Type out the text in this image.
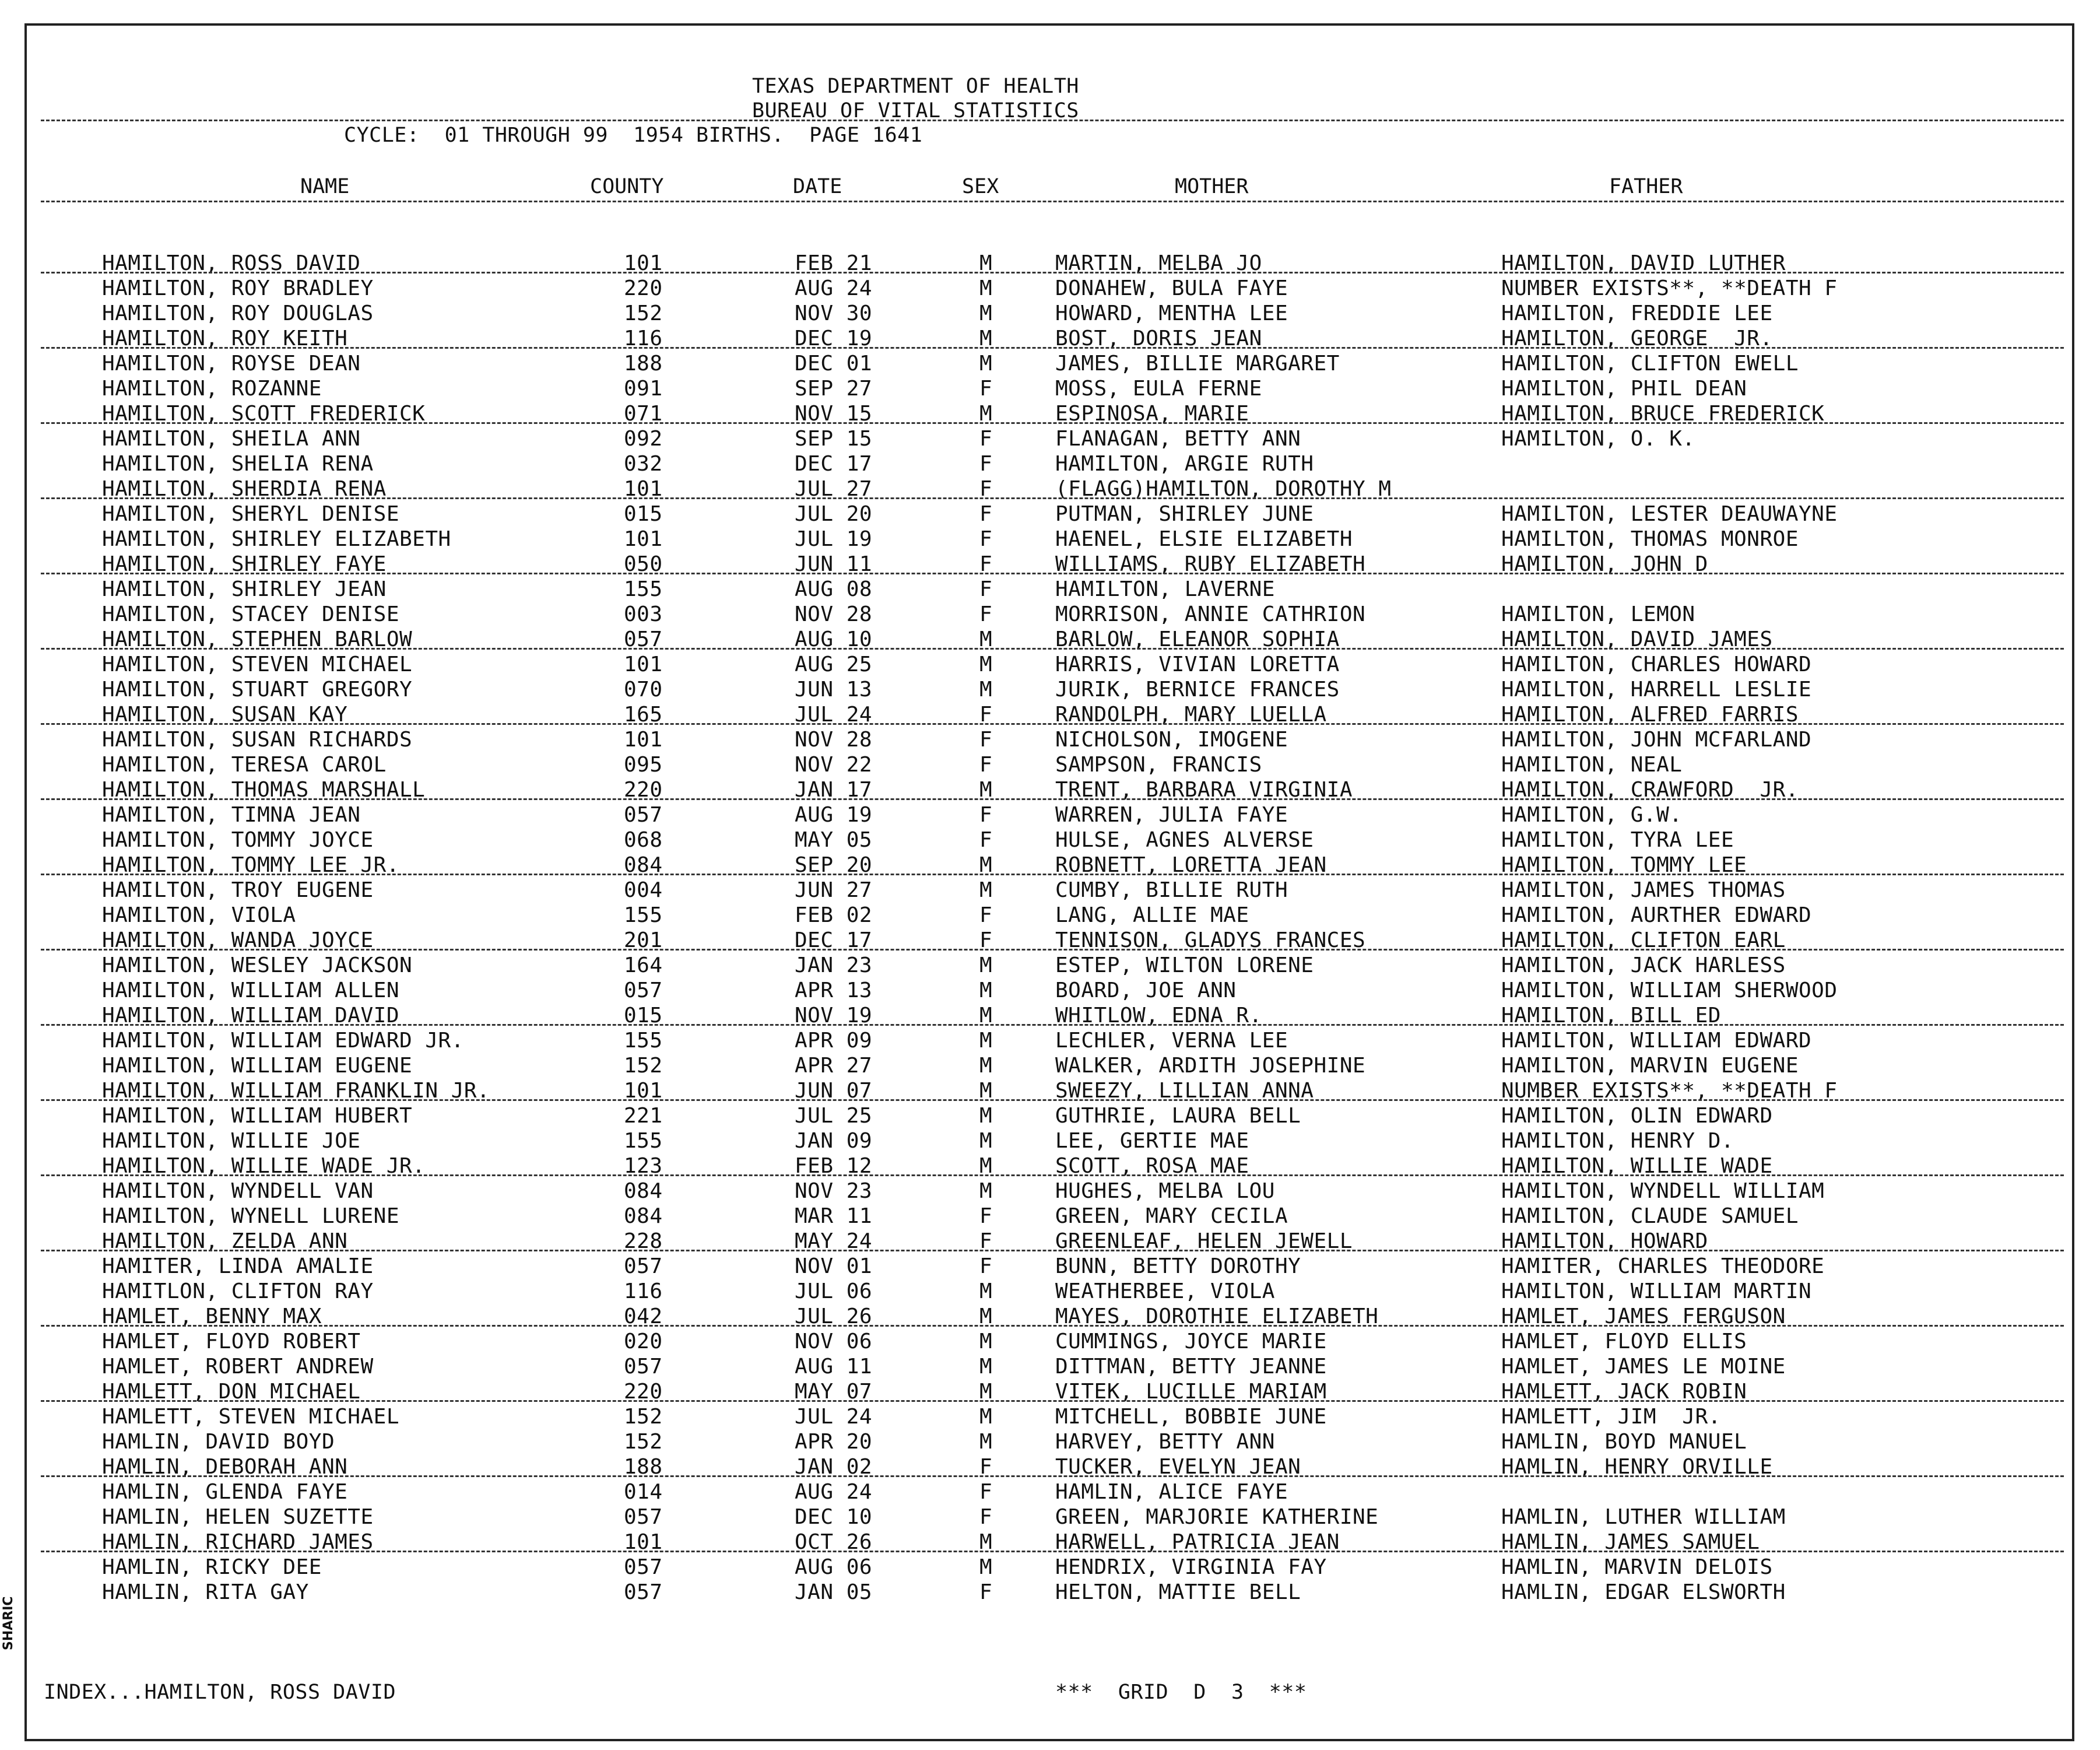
TEXAS DEPARTMENT OF HEALTH
BUREAU OF VITAL STATISTICS
CYCLE:  01 THROUGH 99  1954 BIRTHS.  PAGE 1641
NAME	COUNTY	DATE	SEX	MOTHER	FATHER
HAMILTON, ROSS DAVID	101	FEB 21	M	MARTIN, MELBA JO	HAMILTON, DAVID LUTHER
HAMILTON, ROY BRADLEY	220	AUG 24	M	DONAHEW, BULA FAYE	NUMBER EXISTS**, **DEATH F
HAMILTON, ROY DOUGLAS	152	NOV 30	M	HOWARD, MENTHA LEE	HAMILTON, FREDDIE LEE
HAMILTON, ROY KEITH	116	DEC 19	M	BOST, DORIS JEAN	HAMILTON, GEORGE  JR.
HAMILTON, ROYSE DEAN	188	DEC 01	M	JAMES, BILLIE MARGARET	HAMILTON, CLIFTON EWELL
HAMILTON, ROZANNE	091	SEP 27	F	MOSS, EULA FERNE	HAMILTON, PHIL DEAN
HAMILTON, SCOTT FREDERICK	071	NOV 15	M	ESPINOSA, MARIE	HAMILTON, BRUCE FREDERICK
HAMILTON, SHEILA ANN	092	SEP 15	F	FLANAGAN, BETTY ANN	HAMILTON, O. K.
HAMILTON, SHELIA RENA	032	DEC 17	F	HAMILTON, ARGIE RUTH
HAMILTON, SHERDIA RENA	101	JUL 27	F	(FLAGG)HAMILTON, DOROTHY M
HAMILTON, SHERYL DENISE	015	JUL 20	F	PUTMAN, SHIRLEY JUNE	HAMILTON, LESTER DEAUWAYNE
HAMILTON, SHIRLEY ELIZABETH	101	JUL 19	F	HAENEL, ELSIE ELIZABETH	HAMILTON, THOMAS MONROE
HAMILTON, SHIRLEY FAYE	050	JUN 11	F	WILLIAMS, RUBY ELIZABETH	HAMILTON, JOHN D
HAMILTON, SHIRLEY JEAN	155	AUG 08	F	HAMILTON, LAVERNE
HAMILTON, STACEY DENISE	003	NOV 28	F	MORRISON, ANNIE CATHRION	HAMILTON, LEMON
HAMILTON, STEPHEN BARLOW	057	AUG 10	M	BARLOW, ELEANOR SOPHIA	HAMILTON, DAVID JAMES
HAMILTON, STEVEN MICHAEL	101	AUG 25	M	HARRIS, VIVIAN LORETTA	HAMILTON, CHARLES HOWARD
HAMILTON, STUART GREGORY	070	JUN 13	M	JURIK, BERNICE FRANCES	HAMILTON, HARRELL LESLIE
HAMILTON, SUSAN KAY	165	JUL 24	F	RANDOLPH, MARY LUELLA	HAMILTON, ALFRED FARRIS
HAMILTON, SUSAN RICHARDS	101	NOV 28	F	NICHOLSON, IMOGENE	HAMILTON, JOHN MCFARLAND
HAMILTON, TERESA CAROL	095	NOV 22	F	SAMPSON, FRANCIS	HAMILTON, NEAL
HAMILTON, THOMAS MARSHALL	220	JAN 17	M	TRENT, BARBARA VIRGINIA	HAMILTON, CRAWFORD  JR.
HAMILTON, TIMNA JEAN	057	AUG 19	F	WARREN, JULIA FAYE	HAMILTON, G.W.
HAMILTON, TOMMY JOYCE	068	MAY 05	F	HULSE, AGNES ALVERSE	HAMILTON, TYRA LEE
HAMILTON, TOMMY LEE JR.	084	SEP 20	M	ROBNETT, LORETTA JEAN	HAMILTON, TOMMY LEE
HAMILTON, TROY EUGENE	004	JUN 27	M	CUMBY, BILLIE RUTH	HAMILTON, JAMES THOMAS
HAMILTON, VIOLA	155	FEB 02	F	LANG, ALLIE MAE	HAMILTON, AURTHER EDWARD
HAMILTON, WANDA JOYCE	201	DEC 17	F	TENNISON, GLADYS FRANCES	HAMILTON, CLIFTON EARL
HAMILTON, WESLEY JACKSON	164	JAN 23	M	ESTEP, WILTON LORENE	HAMILTON, JACK HARLESS
HAMILTON, WILLIAM ALLEN	057	APR 13	M	BOARD, JOE ANN	HAMILTON, WILLIAM SHERWOOD
HAMILTON, WILLIAM DAVID	015	NOV 19	M	WHITLOW, EDNA R.	HAMILTON, BILL ED
HAMILTON, WILLIAM EDWARD JR.	155	APR 09	M	LECHLER, VERNA LEE	HAMILTON, WILLIAM EDWARD
HAMILTON, WILLIAM EUGENE	152	APR 27	M	WALKER, ARDITH JOSEPHINE	HAMILTON, MARVIN EUGENE
HAMILTON, WILLIAM FRANKLIN JR.	101	JUN 07	M	SWEEZY, LILLIAN ANNA	NUMBER EXISTS**, **DEATH F
HAMILTON, WILLIAM HUBERT	221	JUL 25	M	GUTHRIE, LAURA BELL	HAMILTON, OLIN EDWARD
HAMILTON, WILLIE JOE	155	JAN 09	M	LEE, GERTIE MAE	HAMILTON, HENRY D.
HAMILTON, WILLIE WADE JR.	123	FEB 12	M	SCOTT, ROSA MAE	HAMILTON, WILLIE WADE
HAMILTON, WYNDELL VAN	084	NOV 23	M	HUGHES, MELBA LOU	HAMILTON, WYNDELL WILLIAM
HAMILTON, WYNELL LURENE	084	MAR 11	F	GREEN, MARY CECILA	HAMILTON, CLAUDE SAMUEL
HAMILTON, ZELDA ANN	228	MAY 24	F	GREENLEAF, HELEN JEWELL	HAMILTON, HOWARD
HAMITER, LINDA AMALIE	057	NOV 01	F	BUNN, BETTY DOROTHY	HAMITER, CHARLES THEODORE
HAMITLON, CLIFTON RAY	116	JUL 06	M	WEATHERBEE, VIOLA	HAMILTON, WILLIAM MARTIN
HAMLET, BENNY MAX	042	JUL 26	M	MAYES, DOROTHIE ELIZABETH	HAMLET, JAMES FERGUSON
HAMLET, FLOYD ROBERT	020	NOV 06	M	CUMMINGS, JOYCE MARIE	HAMLET, FLOYD ELLIS
HAMLET, ROBERT ANDREW	057	AUG 11	M	DITTMAN, BETTY JEANNE	HAMLET, JAMES LE MOINE
HAMLETT, DON MICHAEL	220	MAY 07	M	VITEK, LUCILLE MARIAM	HAMLETT, JACK ROBIN
HAMLETT, STEVEN MICHAEL	152	JUL 24	M	MITCHELL, BOBBIE JUNE	HAMLETT, JIM  JR.
HAMLIN, DAVID BOYD	152	APR 20	M	HARVEY, BETTY ANN	HAMLIN, BOYD MANUEL
HAMLIN, DEBORAH ANN	188	JAN 02	F	TUCKER, EVELYN JEAN	HAMLIN, HENRY ORVILLE
HAMLIN, GLENDA FAYE	014	AUG 24	F	HAMLIN, ALICE FAYE
HAMLIN, HELEN SUZETTE	057	DEC 10	F	GREEN, MARJORIE KATHERINE	HAMLIN, LUTHER WILLIAM
HAMLIN, RICHARD JAMES	101	OCT 26	M	HARWELL, PATRICIA JEAN	HAMLIN, JAMES SAMUEL
HAMLIN, RICKY DEE	057	AUG 06	M	HENDRIX, VIRGINIA FAY	HAMLIN, MARVIN DELOIS
HAMLIN, RITA GAY	057	JAN 05	F	HELTON, MATTIE BELL	HAMLIN, EDGAR ELSWORTH
INDEX...HAMILTON, ROSS DAVID	***  GRID  D  3  ***
SHARIC
